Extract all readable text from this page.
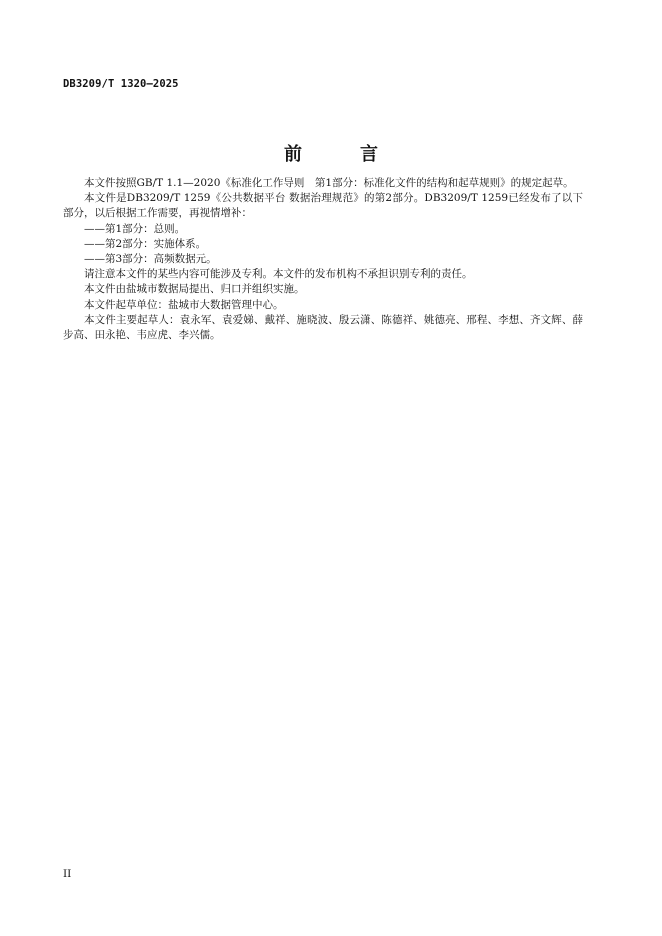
DB3209/T 1320—2025
前　言

本文件按照GB/T 1.1—2020《标准化工作导则　第1部分：标准化文件的结构和起草规则》的规定起草。

本文件是DB3209/T 1259《公共数据平台 数据治理规范》的第2部分。DB3209/T 1259已经发布了以下部分，以后根据工作需要，再视情增补：

——第1部分：总则。

——第2部分：实施体系。

——第3部分：高频数据元。

请注意本文件的某些内容可能涉及专利。本文件的发布机构不承担识别专利的责任。

本文件由盐城市数据局提出、归口并组织实施。

本文件起草单位：盐城市大数据管理中心。

本文件主要起草人：袁永军、袁爱娣、戴祥、施晓波、殷云潇、陈德祥、姚德亮、邢程、李想、齐文辉、薛步高、田永艳、韦应虎、李兴儒。

II
